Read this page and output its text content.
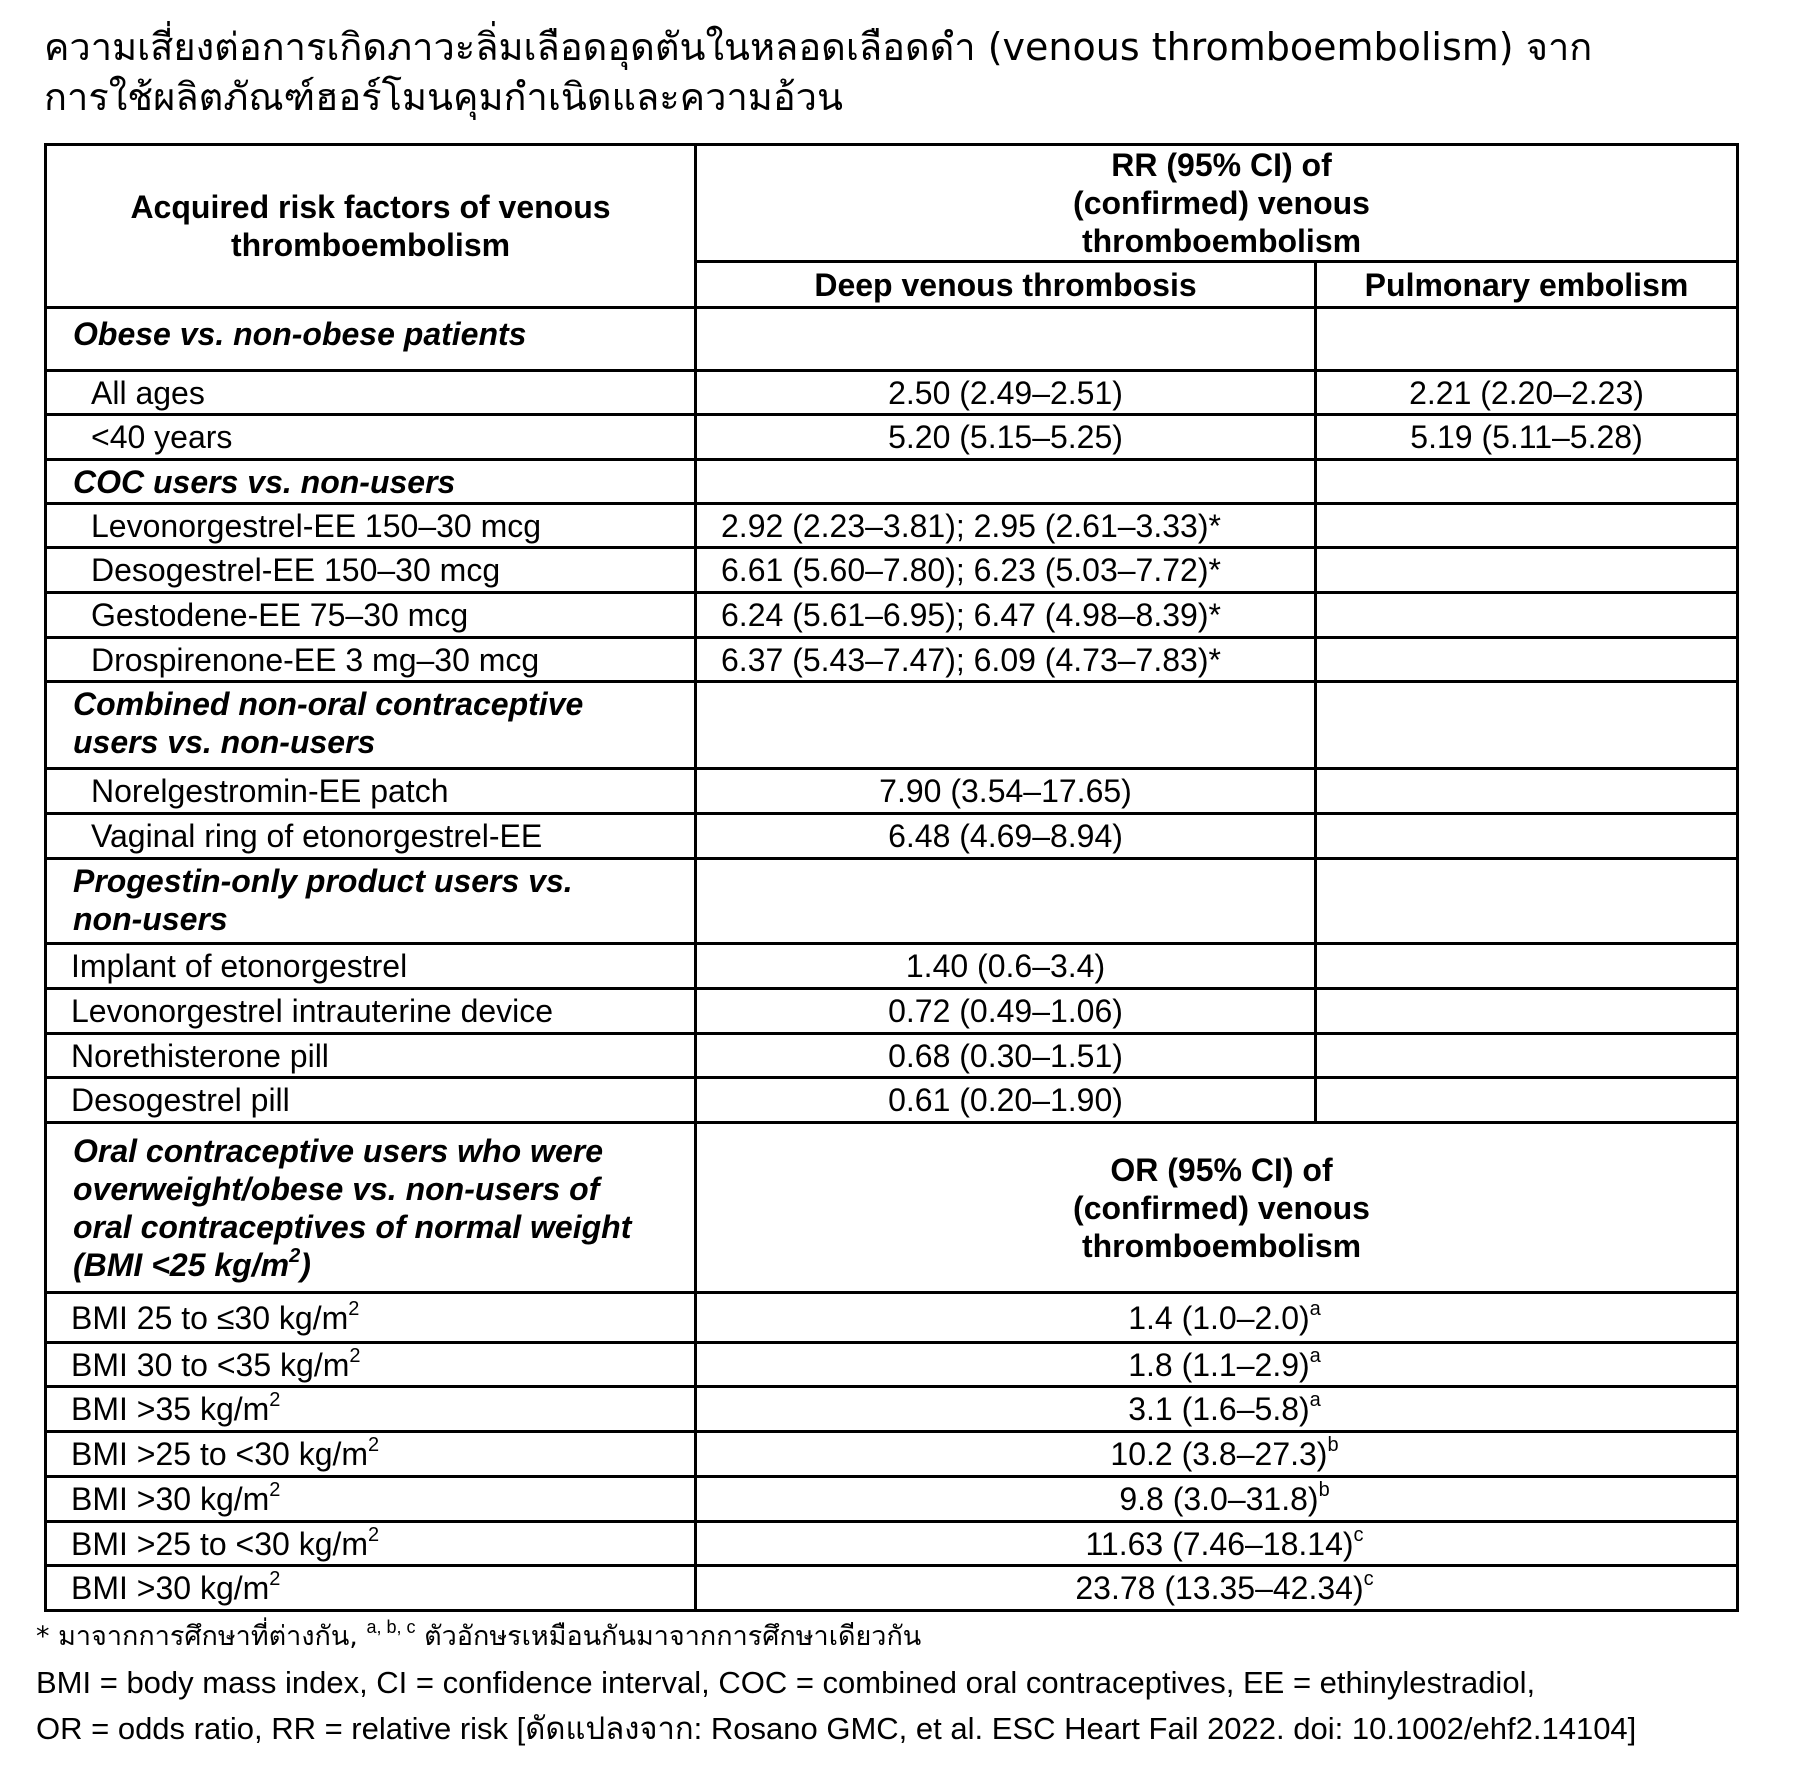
ความเสี่ยงต่อการเกิดภาวะลิ่มเลือดอุดตันในหลอดเลือดดำ (venous thromboembolism) จาก
การใช้ผลิตภัณฑ์ฮอร์โมนคุมกำเนิดและความอ้วน
Acquired risk factors of venous thromboembolism	RR (95% CI) of (confirmed) venous thromboembolism	
	Deep venous thrombosis	Pulmonary embolism
Obese vs. non-obese patients		
All ages	2.50 (2.49–2.51)	2.21 (2.20–2.23)
<40 years	5.20 (5.15–5.25)	5.19 (5.11–5.28)
COC users vs. non-users		
Levonorgestrel-EE 150–30 mcg	2.92 (2.23–3.81); 2.95 (2.61–3.33)*	
Desogestrel-EE 150–30 mcg	6.61 (5.60–7.80); 6.23 (5.03–7.72)*	
Gestodene-EE 75–30 mcg	6.24 (5.61–6.95); 6.47 (4.98–8.39)*	
Drospirenone-EE 3 mg–30 mcg	6.37 (5.43–7.47); 6.09 (4.73–7.83)*	
Combined non-oral contraceptive users vs. non-users		
Norelgestromin-EE patch	7.90 (3.54–17.65)	
Vaginal ring of etonorgestrel-EE	6.48 (4.69–8.94)	
Progestin-only product users vs. non-users		
Implant of etonorgestrel	1.40 (0.6–3.4)	
Levonorgestrel intrauterine device	0.72 (0.49–1.06)	
Norethisterone pill	0.68 (0.30–1.51)	
Desogestrel pill	0.61 (0.20–1.90)	
Oral contraceptive users who were overweight/obese vs. non-users of oral contraceptives of normal weight (BMI <25 $kg/m^2$)	OR (95% CI) of (confirmed) venous thromboembolism	
BMI 25 to ≤30 $kg/m^2$	1.4 $(1.0-2.0)^a$
BMI 30 to <35 $kg/m^2$	1.8 $(1.1-2.9)^a$
BMI >35 $kg/m^2$	3.1 $(1.6-5.8)^a$
BMI >25 to <30 $kg/m^2$	10.2 $(3.8-27.3)^b$
BMI >30 $kg/m^2$	9.8 $(3.0-31.8)^b$
BMI >25 to <30 $kg/m^2$	11.63 $(7.46-18.14)^c$
BMI >30 $kg/m^2$	23.78 $(13.35-42.34)^c$
* มาจากการศึกษาที่ต่างกัน, $^{a, b, c}$ ตัวอักษรเหมือนกันมาจากการศึกษาเดียวกัน
BMI = body mass index, CI = confidence interval, COC = combined oral contraceptives, EE = ethinylestradiol,
OR = odds ratio, RR = relative risk [ดัดแปลงจาก: Rosano GMC, et al. ESC Heart Fail 2022. doi: 10.1002/ehf2.14104]
